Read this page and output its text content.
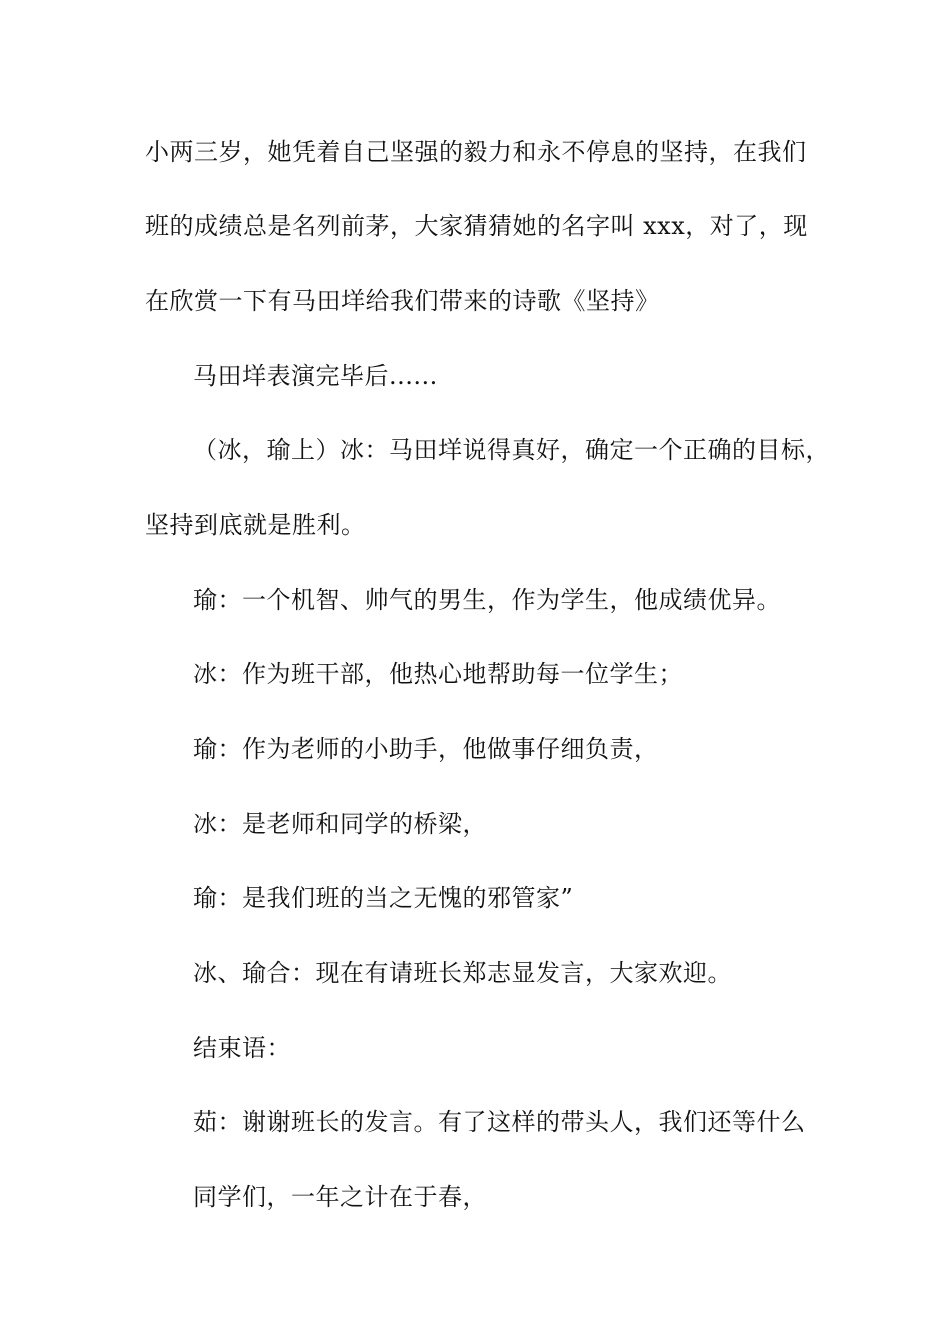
小两三岁，她凭着自己坚强的毅力和永不停息的坚持，在我们
班的成绩总是名列前茅，大家猜猜她的名字叫 xxx，对了，现
在欣赏一下有马田垟给我们带来的诗歌《坚持》
马田垟表演完毕后......
（冰，瑜上）冰：马田垟说得真好，确定一个正确的目标，
坚持到底就是胜利。
瑜：一个机智、帅气的男生，作为学生，他成绩优异。
冰：作为班干部，他热心地帮助每一位学生；
瑜：作为老师的小助手，他做事仔细负责，
冰：是老师和同学的桥梁，
瑜：是我们班的当之无愧的邪管家”
冰、瑜合：现在有请班长郑志显发言，大家欢迎。
结束语：
茹：谢谢班长的发言。有了这样的带头人，我们还等什么
同学们，一年之计在于春，
